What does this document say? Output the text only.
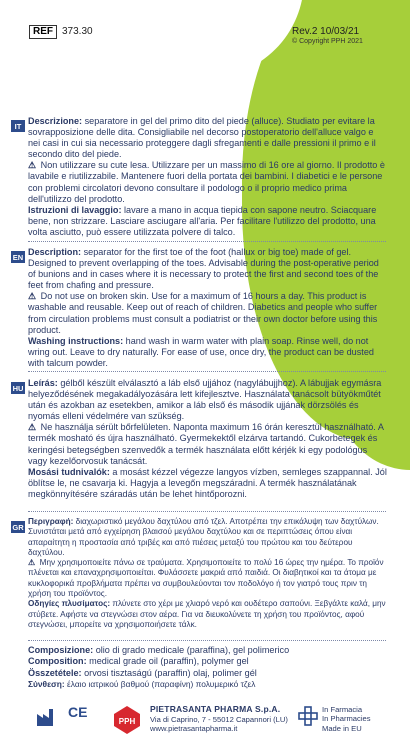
REF 373.30	Rev.2 10/03/21
© Copyright PPH 2021
IT Descrizione: separatore in gel del primo dito del piede (alluce). Studiato per evitare la sovrapposizione delle dita. Consigliabile nel decorso postoperatorio dell'alluce valgo e nei casi in cui sia necessario proteggere dagli sfregamenti e dalle pressioni il primo e il secondo dito del piede.

⚠ Non utilizzare su cute lesa. Utilizzare per un massimo di 16 ore al giorno. Il prodotto è lavabile e riutilizzabile. Mantenere fuori della portata dei bambini. I diabetici e le persone con problemi circolatori devono consultare il podologo o il proprio medico prima dell'utilizzo del prodotto.

Istruzioni di lavaggio: lavare a mano in acqua tiepida con sapone neutro. Sciacquare bene, non strizzare. Lasciare asciugare all'aria. Per facilitare l'utilizzo del prodotto, una volta asciutto, può essere utilizzata polvere di talco.

EN Description: separator for the first toe of the foot (hallux or big toe) made of gel. Designed to prevent overlapping of the toes. Advisable during the post-operative period of bunions and in cases where it is necessary to protect the first and second toes of the feet from chafing and pressure.

⚠ Do not use on broken skin. Use for a maximum of 16 hours a day. This product is washable and reusable. Keep out of reach of children. Diabetics and people who suffer from circulation problems must consult a podiatrist or their own doctor before using this product.

Washing instructions: hand wash in warm water with plain soap. Rinse well, do not wring out. Leave to dry naturally. For ease of use, once dry, the product can be dusted with talcum powder.

HU Leírás: gélből készült elválasztó a láb első ujjához (nagylábujjhoz). A lábujjak egymásra helyeződésének megakadályozására lett kifejlesztve. Használata tanácsolt bütyökműtét után és azokban az esetekben, amikor a láb első és második ujjának dörzsölés és nyomás elleni védelmére van szükség.

⚠ Ne használja sérült bőrfelületen. Naponta maximum 16 órán keresztül használható. A termék mosható és újra használható. Gyermekektől elzárva tartandó. Cukorbetegek és keringési betegségben szenvedők a termék használata előtt kérjék ki egy podológus vagy kezelőorvosuk tanácsát.

Mosási tudnivalók: a mosást kézzel végezze langyos vízben, semleges szappannal. Jól öblítse le, ne csavarja ki. Hagyja a levegőn megszáradni. A termék használatának megkönnyítésére száradás után be lehet hintőporozni.

GR

Περιγραφή: διαχωριστικό μεγάλου δαχτύλου από τζελ. Αποτρέπει την επικάλυψη των δαχτύλων. Συνιστάται μετά από εγχείρηση βλαισού μεγάλου δαχτύλου και σε περιπτώσεις όπου είναι απαραίτητη η προστασία από τριβές και από πιέσεις μεταξύ του πρώτου και του δεύτερου δαχτύλου.

⚠ Μην χρησιμοποιείτε πάνω σε τραύματα. Χρησιμοποιείτε το πολύ 16 ώρες την ημέρα. Το προϊόν πλένεται και επαναχρησιμοποιείται. Φυλάσσετε μακριά από παιδιά. Οι διαβητικοί και τα άτομα με κυκλοφορικά προβλήματα πρέπει να συμβουλεύονται τον ποδολόγο ή τον γιατρό τους πριν τη χρήση του προϊόντος.

Οδηγίες πλυσίματος: πλύνετε στο χέρι με χλιαρό νερό και ουδέτερο σαπούνι. Ξεβγάλτε καλά, μην στύβετε. Αφήστε να στεγνώσει στον αέρα. Για να διευκολύνετε τη χρήση του προϊόντος, αφού στεγνώσει, μπορείτε να χρησιμοποιήσετε τάλκ.

Composizione: olio di grado medicale (paraffina), gel polimerico
Composition: medical grade oil (paraffin), polymer gel
Összetétele: orvosi tisztaságú (paraffin) olaj, polimer gél
Σύνθεση: έλαιο ιατρικού βαθμού (παραφίνη) πολυμερικό τζελ
CE
PPH
PIETRASANTA PHARMA S.p.A.
Via di Caprino, 7 - 55012 Capannori (LU)
www.pietrasantapharma.it
In Farmacia
In Pharmacies
Made in EU
